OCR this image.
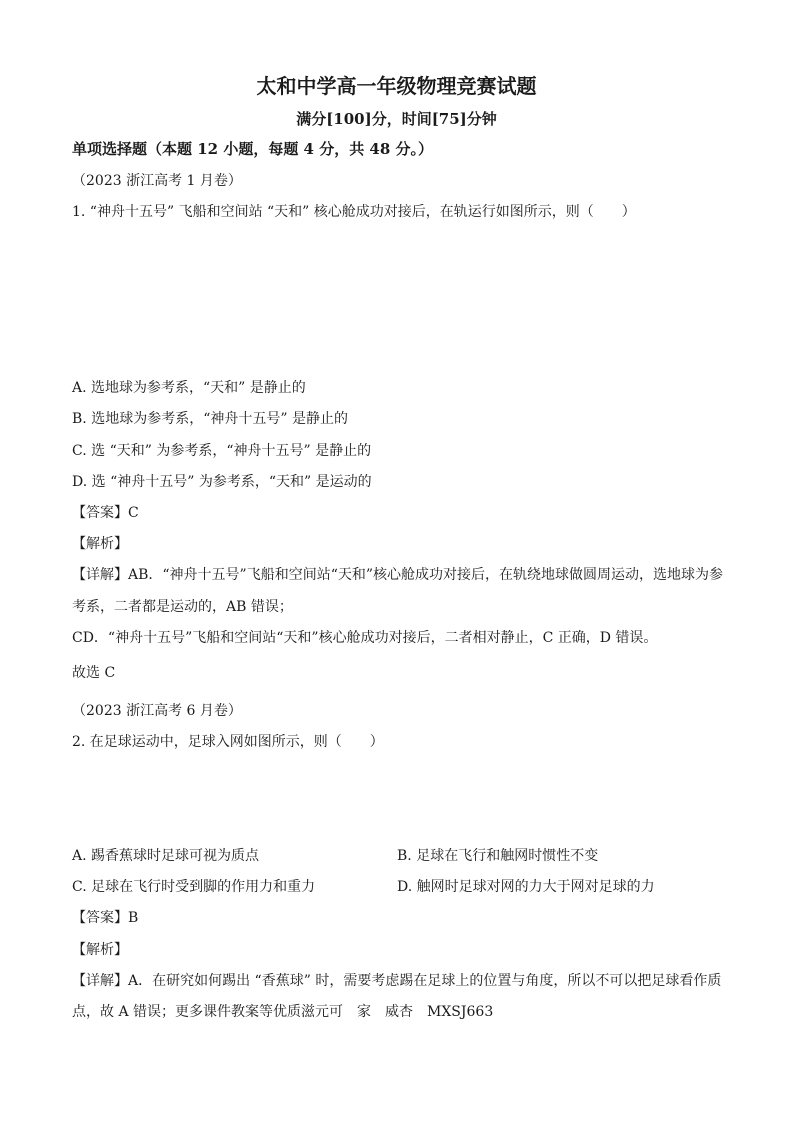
太和中学高一年级物理竞赛试题
满分[100]分，时间[75]分钟
单项选择题（本题 12 小题，每题 4 分，共 48 分。）
（2023 浙江高考 1 月卷）
1. “神舟十五号” 飞船和空间站 “天和” 核心舱成功对接后，在轨运行如图所示，则（　　）
A. 选地球为参考系，“天和” 是静止的
B. 选地球为参考系，“神舟十五号” 是静止的
C. 选 “天和” 为参考系，“神舟十五号” 是静止的
D. 选 “神舟十五号” 为参考系，“天和” 是运动的
【答案】C
【解析】
【详解】AB．“神舟十五号”飞船和空间站“天和”核心舱成功对接后，在轨绕地球做圆周运动，选地球为参
考系，二者都是运动的，AB 错误；
CD．“神舟十五号”飞船和空间站“天和”核心舱成功对接后，二者相对静止，C 正确，D 错误。
故选 C
（2023 浙江高考 6 月卷）
2. 在足球运动中，足球入网如图所示，则（　　）
A. 踢香蕉球时足球可视为质点	B. 足球在飞行和触网时惯性不变
C. 足球在飞行时受到脚的作用力和重力	D. 触网时足球对网的力大于网对足球的力
【答案】B
【解析】
【详解】A．在研究如何踢出 “香蕉球” 时，需要考虑踢在足球上的位置与角度，所以不可以把足球看作质
点，故 A 错误；更多课件教案等优质滋元可　家　威杏　MXSJ663
